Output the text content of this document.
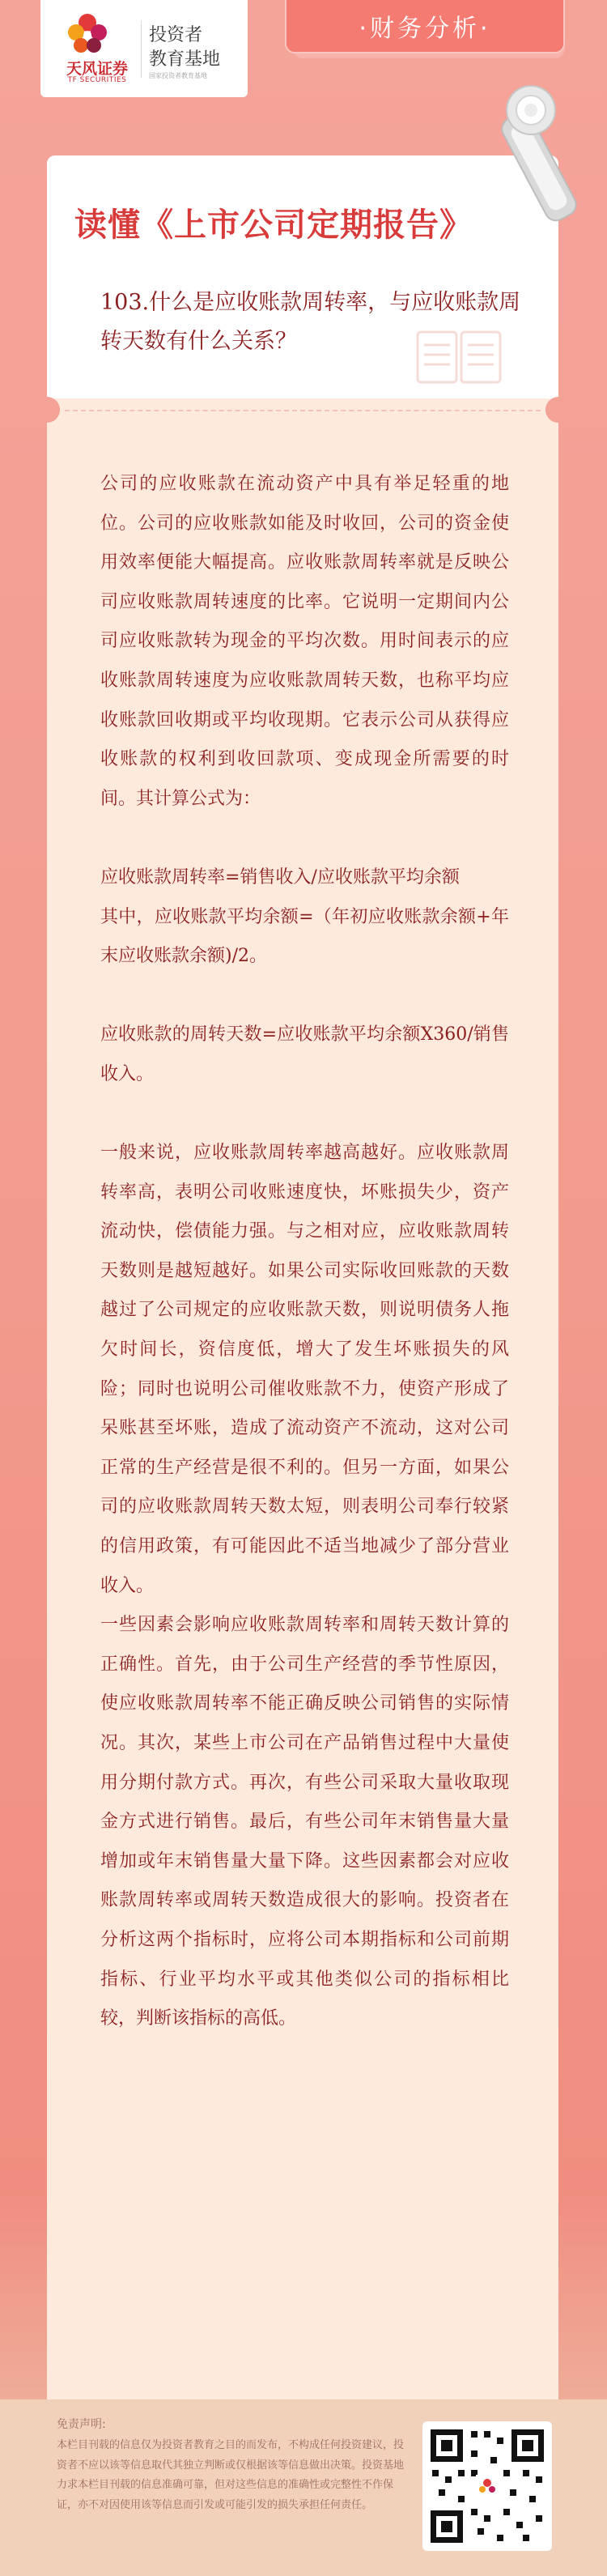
天风证券
TF SECURITIES
投资者
教育基地
国家投资者教育基地
·财务分析·
读懂《上市公司定期报告》
103.什么是应收账款周转率，与应收账款周转天数有什么关系？

公司的应收账款在流动资产中具有举足轻重的地位。公司的应收账款如能及时收回，公司的资金使用效率便能大幅提高。应收账款周转率就是反映公司应收账款周转速度的比率。它说明一定期间内公司应收账款转为现金的平均次数。用时间表示的应收账款周转速度为应收账款周转天数，也称平均应收账款回收期或平均收现期。它表示公司从获得应收账款的权利到收回款项、变成现金所需要的时间。其计算公式为：

应收账款周转率=销售收入/应收账款平均余额

其中，应收账款平均余额=（年初应收账款余额+年末应收账款余额)/2。

应收账款的周转天数=应收账款平均余额X360/销售收入。

一般来说，应收账款周转率越高越好。应收账款周转率高，表明公司收账速度快，坏账损失少，资产流动快，偿债能力强。与之相对应，应收账款周转天数则是越短越好。如果公司实际收回账款的天数越过了公司规定的应收账款天数，则说明债务人拖欠时间长，资信度低，增大了发生坏账损失的风险；同时也说明公司催收账款不力，使资产形成了呆账甚至坏账，造成了流动资产不流动，这对公司正常的生产经营是很不利的。但另一方面，如果公司的应收账款周转天数太短，则表明公司奉行较紧的信用政策，有可能因此不适当地减少了部分营业收入。

一些因素会影响应收账款周转率和周转天数计算的正确性。首先，由于公司生产经营的季节性原因，使应收账款周转率不能正确反映公司销售的实际情况。其次，某些上市公司在产品销售过程中大量使用分期付款方式。再次，有些公司采取大量收取现金方式进行销售。最后，有些公司年末销售量大量增加或年末销售量大量下降。这些因素都会对应收账款周转率或周转天数造成很大的影响。投资者在分析这两个指标时，应将公司本期指标和公司前期指标、行业平均水平或其他类似公司的指标相比较，判断该指标的高低。

免责声明:
本栏目刊载的信息仅为投资者教育之目的而发布，不构成任何投资建议，投资者不应以该等信息取代其独立判断或仅根据该等信息做出决策。投资基地力求本栏目刊载的信息准确可靠，但对这些信息的准确性或完整性不作保证，亦不对因使用该等信息而引发或可能引发的损失承担任何责任。
